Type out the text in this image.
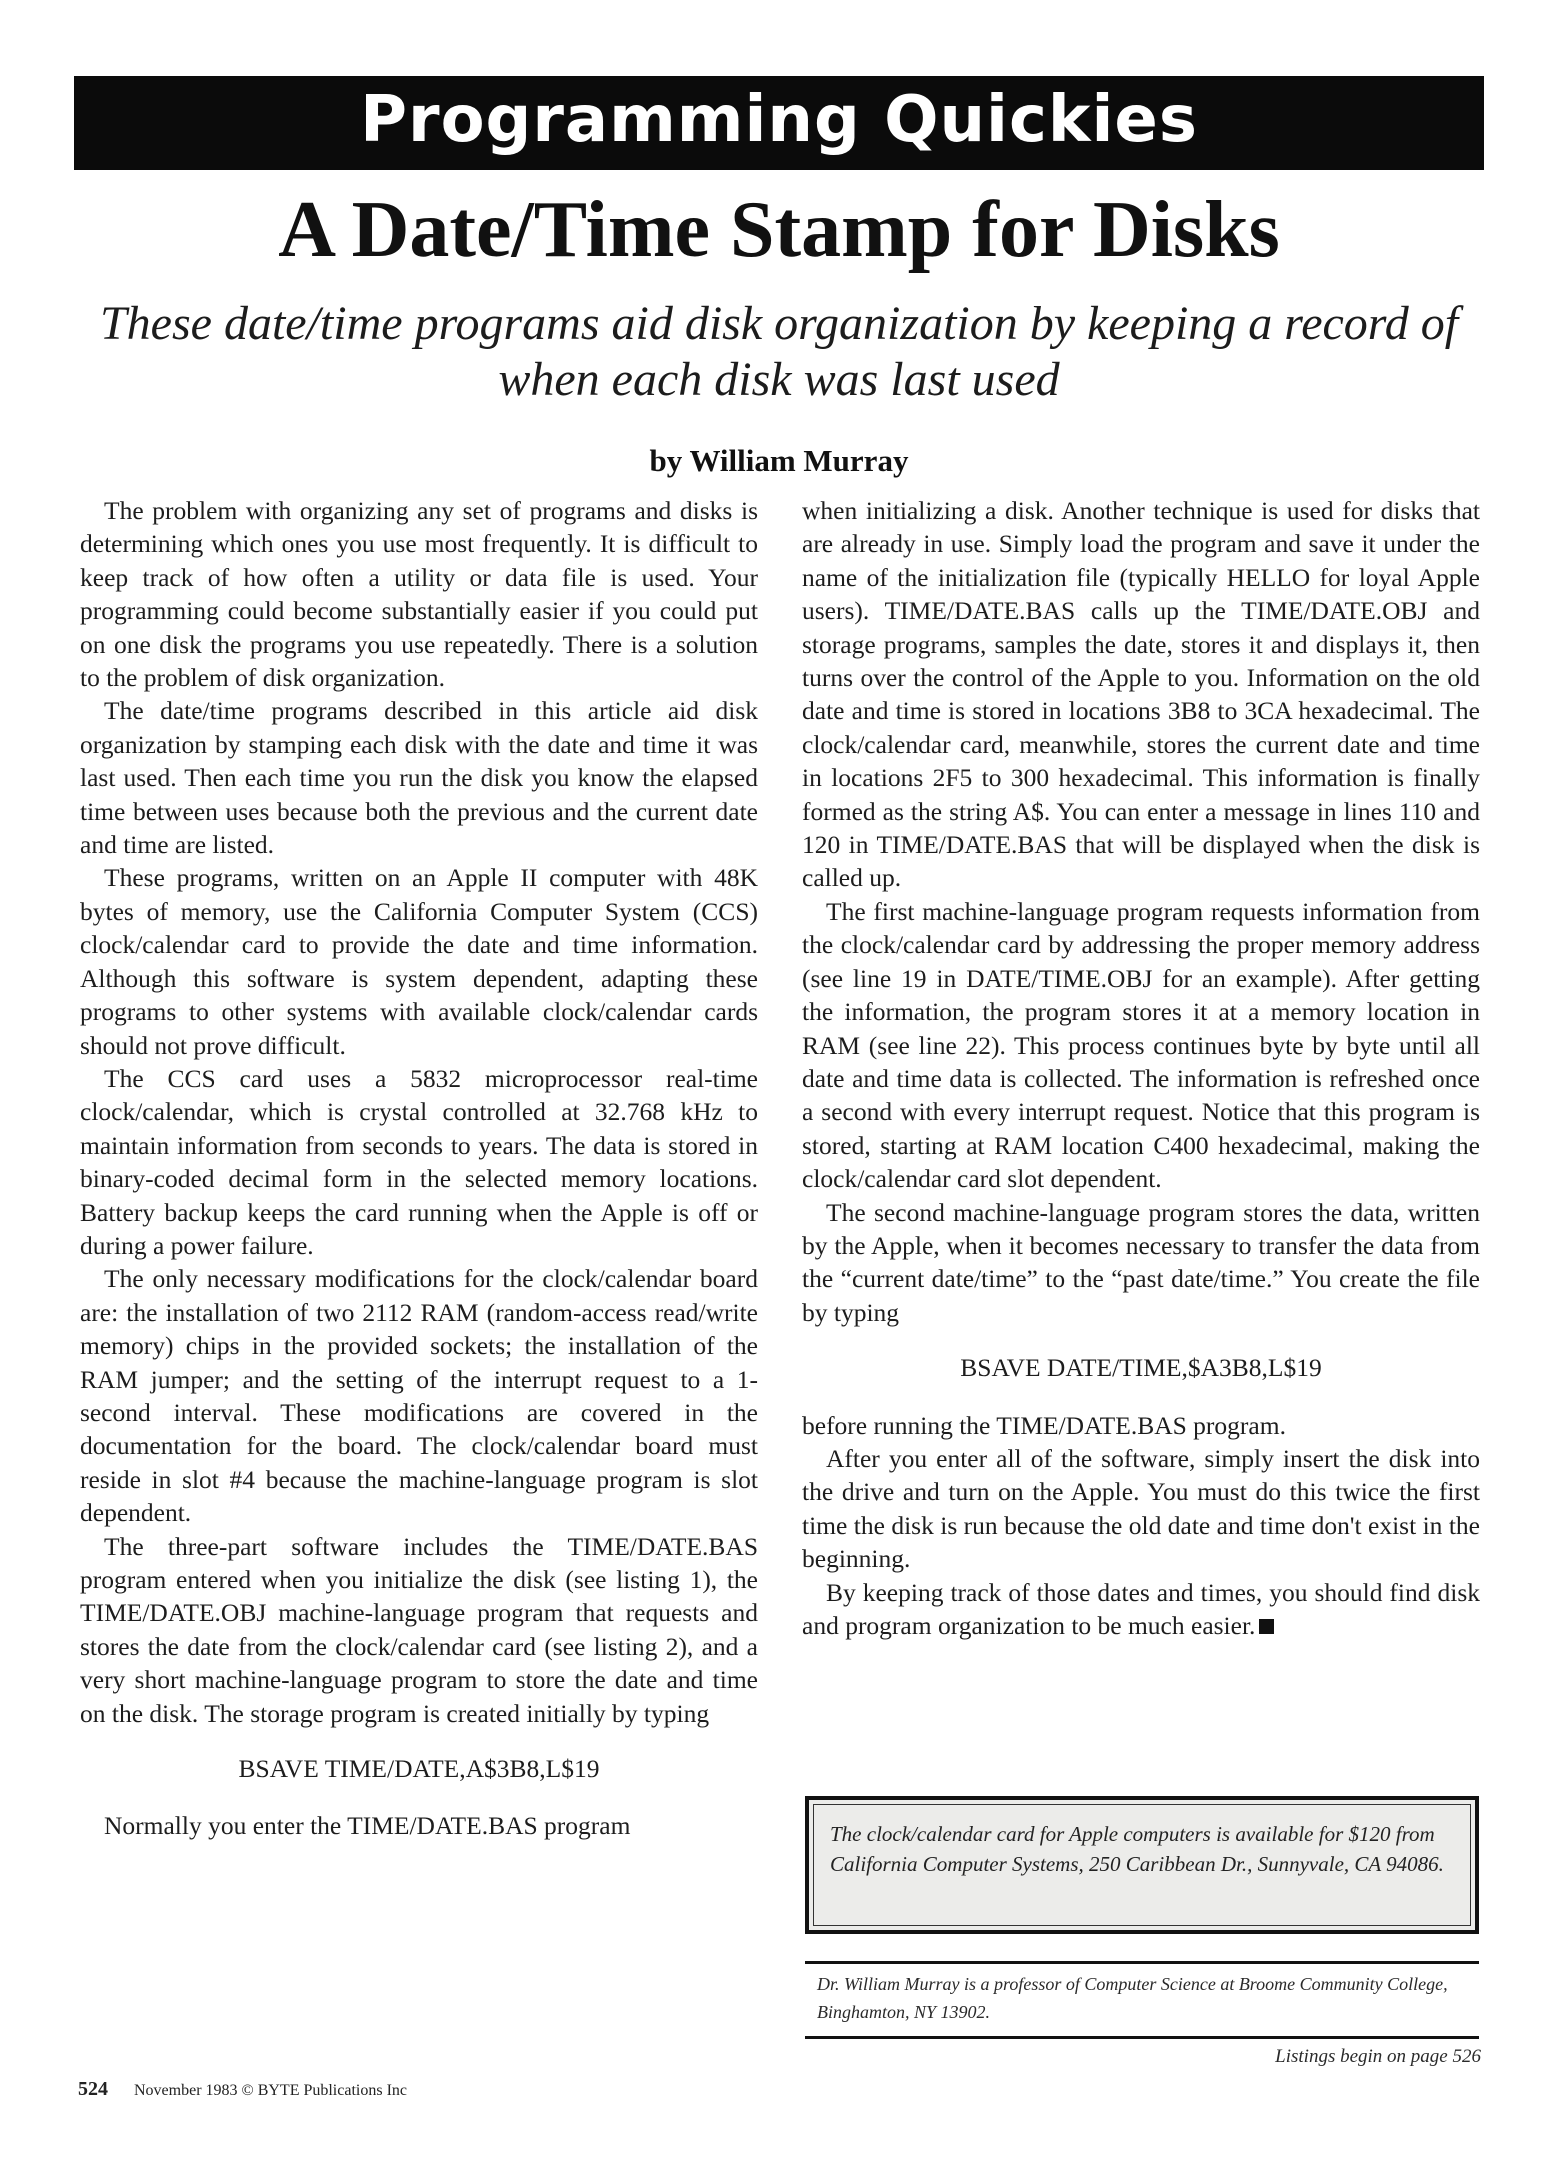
Programming Quickies
A Date/Time Stamp for Disks
These date/time programs aid disk organization by keeping a record of when each disk was last used
by William Murray

The problem with organizing any set of programs and disks is determining which ones you use most frequently. It is difficult to keep track of how often a utility or data file is used. Your programming could become substantially easier if you could put on one disk the programs you use repeatedly. There is a solution to the problem of disk organization.

The date/time programs described in this article aid disk organization by stamping each disk with the date and time it was last used. Then each time you run the disk you know the elapsed time between uses because both the previous and the current date and time are listed.

These programs, written on an Apple II computer with 48K bytes of memory, use the California Computer System (CCS) clock/calendar card to provide the date and time information. Although this software is system dependent, adapting these programs to other systems with available clock/calendar cards should not prove difficult.

The CCS card uses a 5832 microprocessor real-time clock/calendar, which is crystal controlled at 32.768 kHz to maintain information from seconds to years. The data is stored in binary-coded decimal form in the selected memory locations. Battery backup keeps the card running when the Apple is off or during a power failure.

The only necessary modifications for the clock/calendar board are: the installation of two 2112 RAM (random-access read/write memory) chips in the provided sockets; the installation of the RAM jumper; and the setting of the interrupt request to a 1-second interval. These modifications are covered in the documentation for the board. The clock/calendar board must reside in slot #4 because the machine-language program is slot dependent.

The three-part software includes the TIME/DATE.BAS program entered when you initialize the disk (see listing 1), the TIME/DATE.OBJ machine-language program that requests and stores the date from the clock/calendar card (see listing 2), and a very short machine-language program to store the date and time on the disk. The storage program is created initially by typing

BSAVE TIME/DATE,A$3B8,L$19

Normally you enter the TIME/DATE.BAS program

when initializing a disk. Another technique is used for disks that are already in use. Simply load the program and save it under the name of the initialization file (typically HELLO for loyal Apple users). TIME/DATE.BAS calls up the TIME/DATE.OBJ and storage programs, samples the date, stores it and displays it, then turns over the control of the Apple to you. Information on the old date and time is stored in locations 3B8 to 3CA hexadecimal. The clock/calendar card, meanwhile, stores the current date and time in locations 2F5 to 300 hexadecimal. This information is finally formed as the string A$. You can enter a message in lines 110 and 120 in TIME/DATE.BAS that will be displayed when the disk is called up.

The first machine-language program requests information from the clock/calendar card by addressing the proper memory address (see line 19 in DATE/TIME.OBJ for an example). After getting the information, the program stores it at a memory location in RAM (see line 22). This process continues byte by byte until all date and time data is collected. The information is refreshed once a second with every interrupt request. Notice that this program is stored, starting at RAM location C400 hexadecimal, making the clock/calendar card slot dependent.

The second machine-language program stores the data, written by the Apple, when it becomes necessary to transfer the data from the “current date/time” to the “past date/time.” You create the file by typing

BSAVE DATE/TIME,$A3B8,L$19

before running the TIME/DATE.BAS program.

After you enter all of the software, simply insert the disk into the drive and turn on the Apple. You must do this twice the first time the disk is run because the old date and time don't exist in the beginning.

By keeping track of those dates and times, you should find disk and program organization to be much easier.

The clock/calendar card for Apple computers is available for $120 from California Computer Systems, 250 Caribbean Dr., Sunnyvale, CA 94086.
Dr. William Murray is a professor of Computer Science at Broome Community College, Binghamton, NY 13902.
Listings begin on page 526
524 November 1983 © BYTE Publications Inc
